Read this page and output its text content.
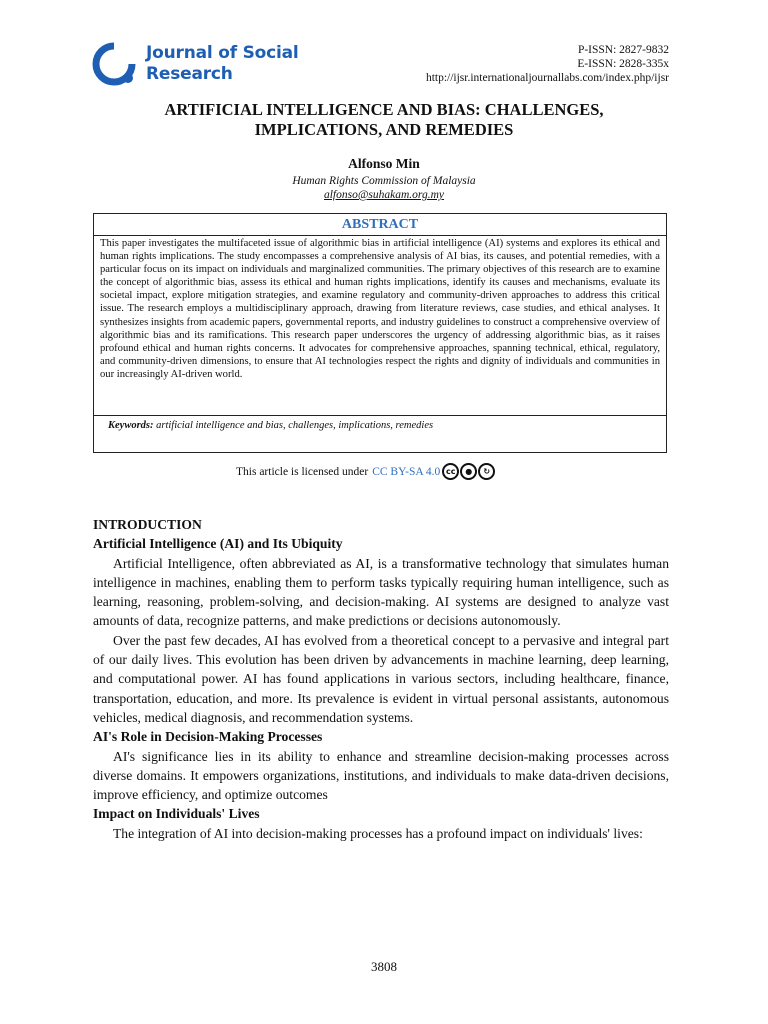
Journal of Social
Research
P-ISSN: 2827-9832
E-ISSN: 2828-335x
http://ijsr.internationaljournallabs.com/index.php/ijsr
ARTIFICIAL INTELLIGENCE AND BIAS: CHALLENGES,
IMPLICATIONS, AND REMEDIES
Alfonso Min
Human Rights Commission of Malaysia
alfonso@suhakam.org.my
ABSTRACT
This paper investigates the multifaceted issue of algorithmic bias in artificial intelligence (AI) systems and explores its ethical and human rights implications. The study encompasses a comprehensive analysis of AI bias, its causes, and potential remedies, with a particular focus on its impact on individuals and marginalized communities. The primary objectives of this research are to examine the concept of algorithmic bias, assess its ethical and human rights implications, identify its causes and mechanisms, evaluate its societal impact, explore mitigation strategies, and examine regulatory and community-driven approaches to address this critical issue. The research employs a multidisciplinary approach, drawing from literature reviews, case studies, and ethical analyses. It synthesizes insights from academic papers, governmental reports, and industry guidelines to construct a comprehensive overview of algorithmic bias and its ramifications. This research paper underscores the urgency of addressing algorithmic bias, as it raises profound ethical and human rights concerns. It advocates for comprehensive approaches, spanning technical, ethical, regulatory, and community-driven dimensions, to ensure that AI technologies respect the rights and dignity of individuals and communities in our increasingly AI-driven world.
Keywords: artificial intelligence and bias, challenges, implications, remedies
This article is licensed under CC BY-SA 4.0 cc	●	↻
INTRODUCTION
Artificial Intelligence (AI) and Its Ubiquity

Artificial Intelligence, often abbreviated as AI, is a transformative technology that simulates human intelligence in machines, enabling them to perform tasks typically requiring human intelligence, such as learning, reasoning, problem-solving, and decision-making. AI systems are designed to analyze vast amounts of data, recognize patterns, and make predictions or decisions autonomously.

Over the past few decades, AI has evolved from a theoretical concept to a pervasive and integral part of our daily lives. This evolution has been driven by advancements in machine learning, deep learning, and computational power. AI has found applications in various sectors, including healthcare, finance, transportation, education, and more. Its prevalence is evident in virtual personal assistants, autonomous vehicles, medical diagnosis, and recommendation systems.

AI's Role in Decision-Making Processes

AI's significance lies in its ability to enhance and streamline decision-making processes across diverse domains. It empowers organizations, institutions, and individuals to make data-driven decisions, improve efficiency, and optimize outcomes

Impact on Individuals' Lives

The integration of AI into decision-making processes has a profound impact on individuals' lives:

3808
